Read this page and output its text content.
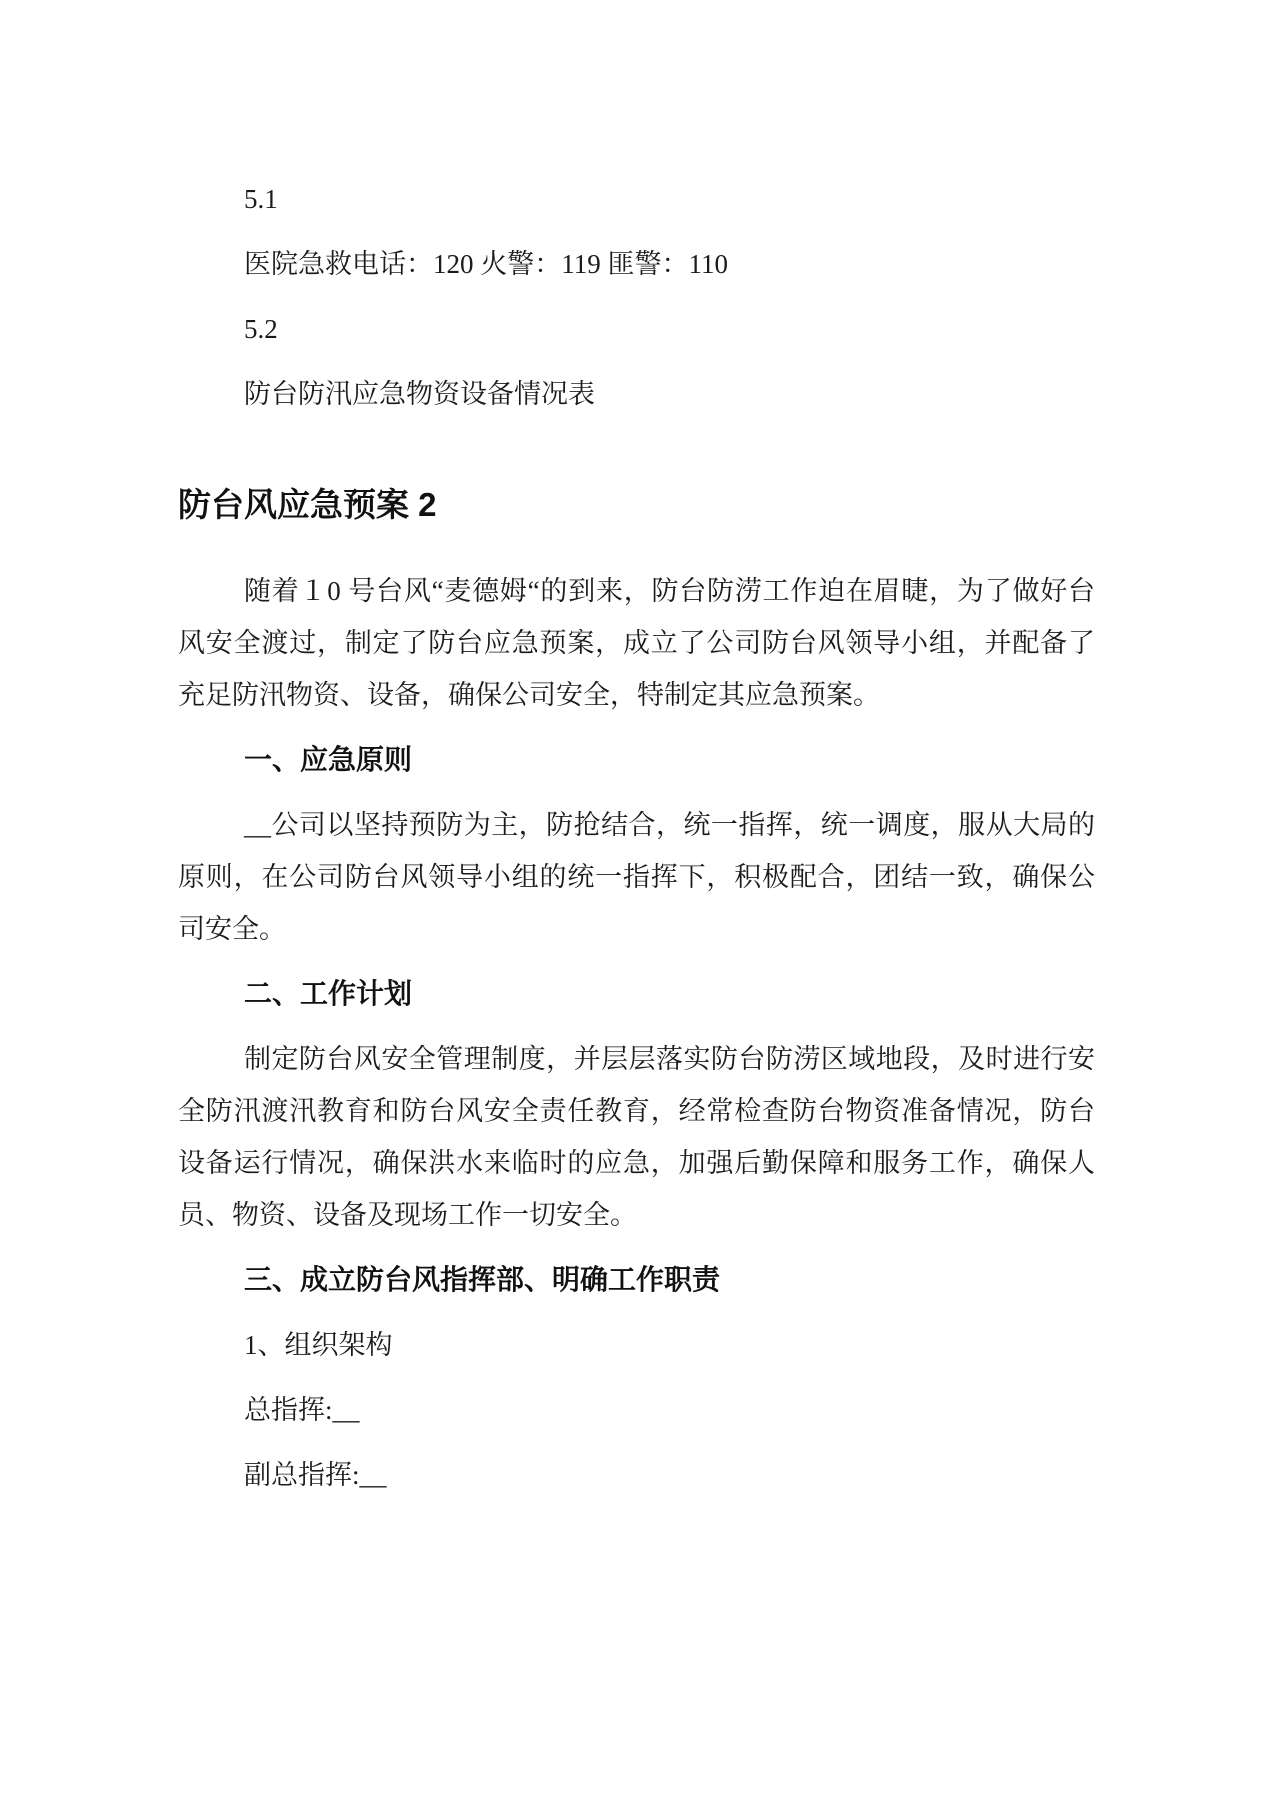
5.1

医院急救电话：120 火警：119 匪警：110

5.2

防台防汛应急物资设备情况表

防台风应急预案 2

随着１0 号台风“麦德姆“的到来，防台防涝工作迫在眉睫，为了做好台风安全渡过，制定了防台应急预案，成立了公司防台风领导小组，并配备了充足防汛物资、设备，确保公司安全，特制定其应急预案。

一、应急原则

__公司以坚持预防为主，防抢结合，统一指挥，统一调度，服从大局的原则，在公司防台风领导小组的统一指挥下，积极配合，团结一致，确保公司安全。

二、工作计划

制定防台风安全管理制度，并层层落实防台防涝区域地段，及时进行安全防汛渡汛教育和防台风安全责任教育，经常检查防台物资准备情况，防台设备运行情况，确保洪水来临时的应急，加强后勤保障和服务工作，确保人员、物资、设备及现场工作一切安全。

三、成立防台风指挥部、明确工作职责

1、组织架构

总指挥:__

副总指挥:__
